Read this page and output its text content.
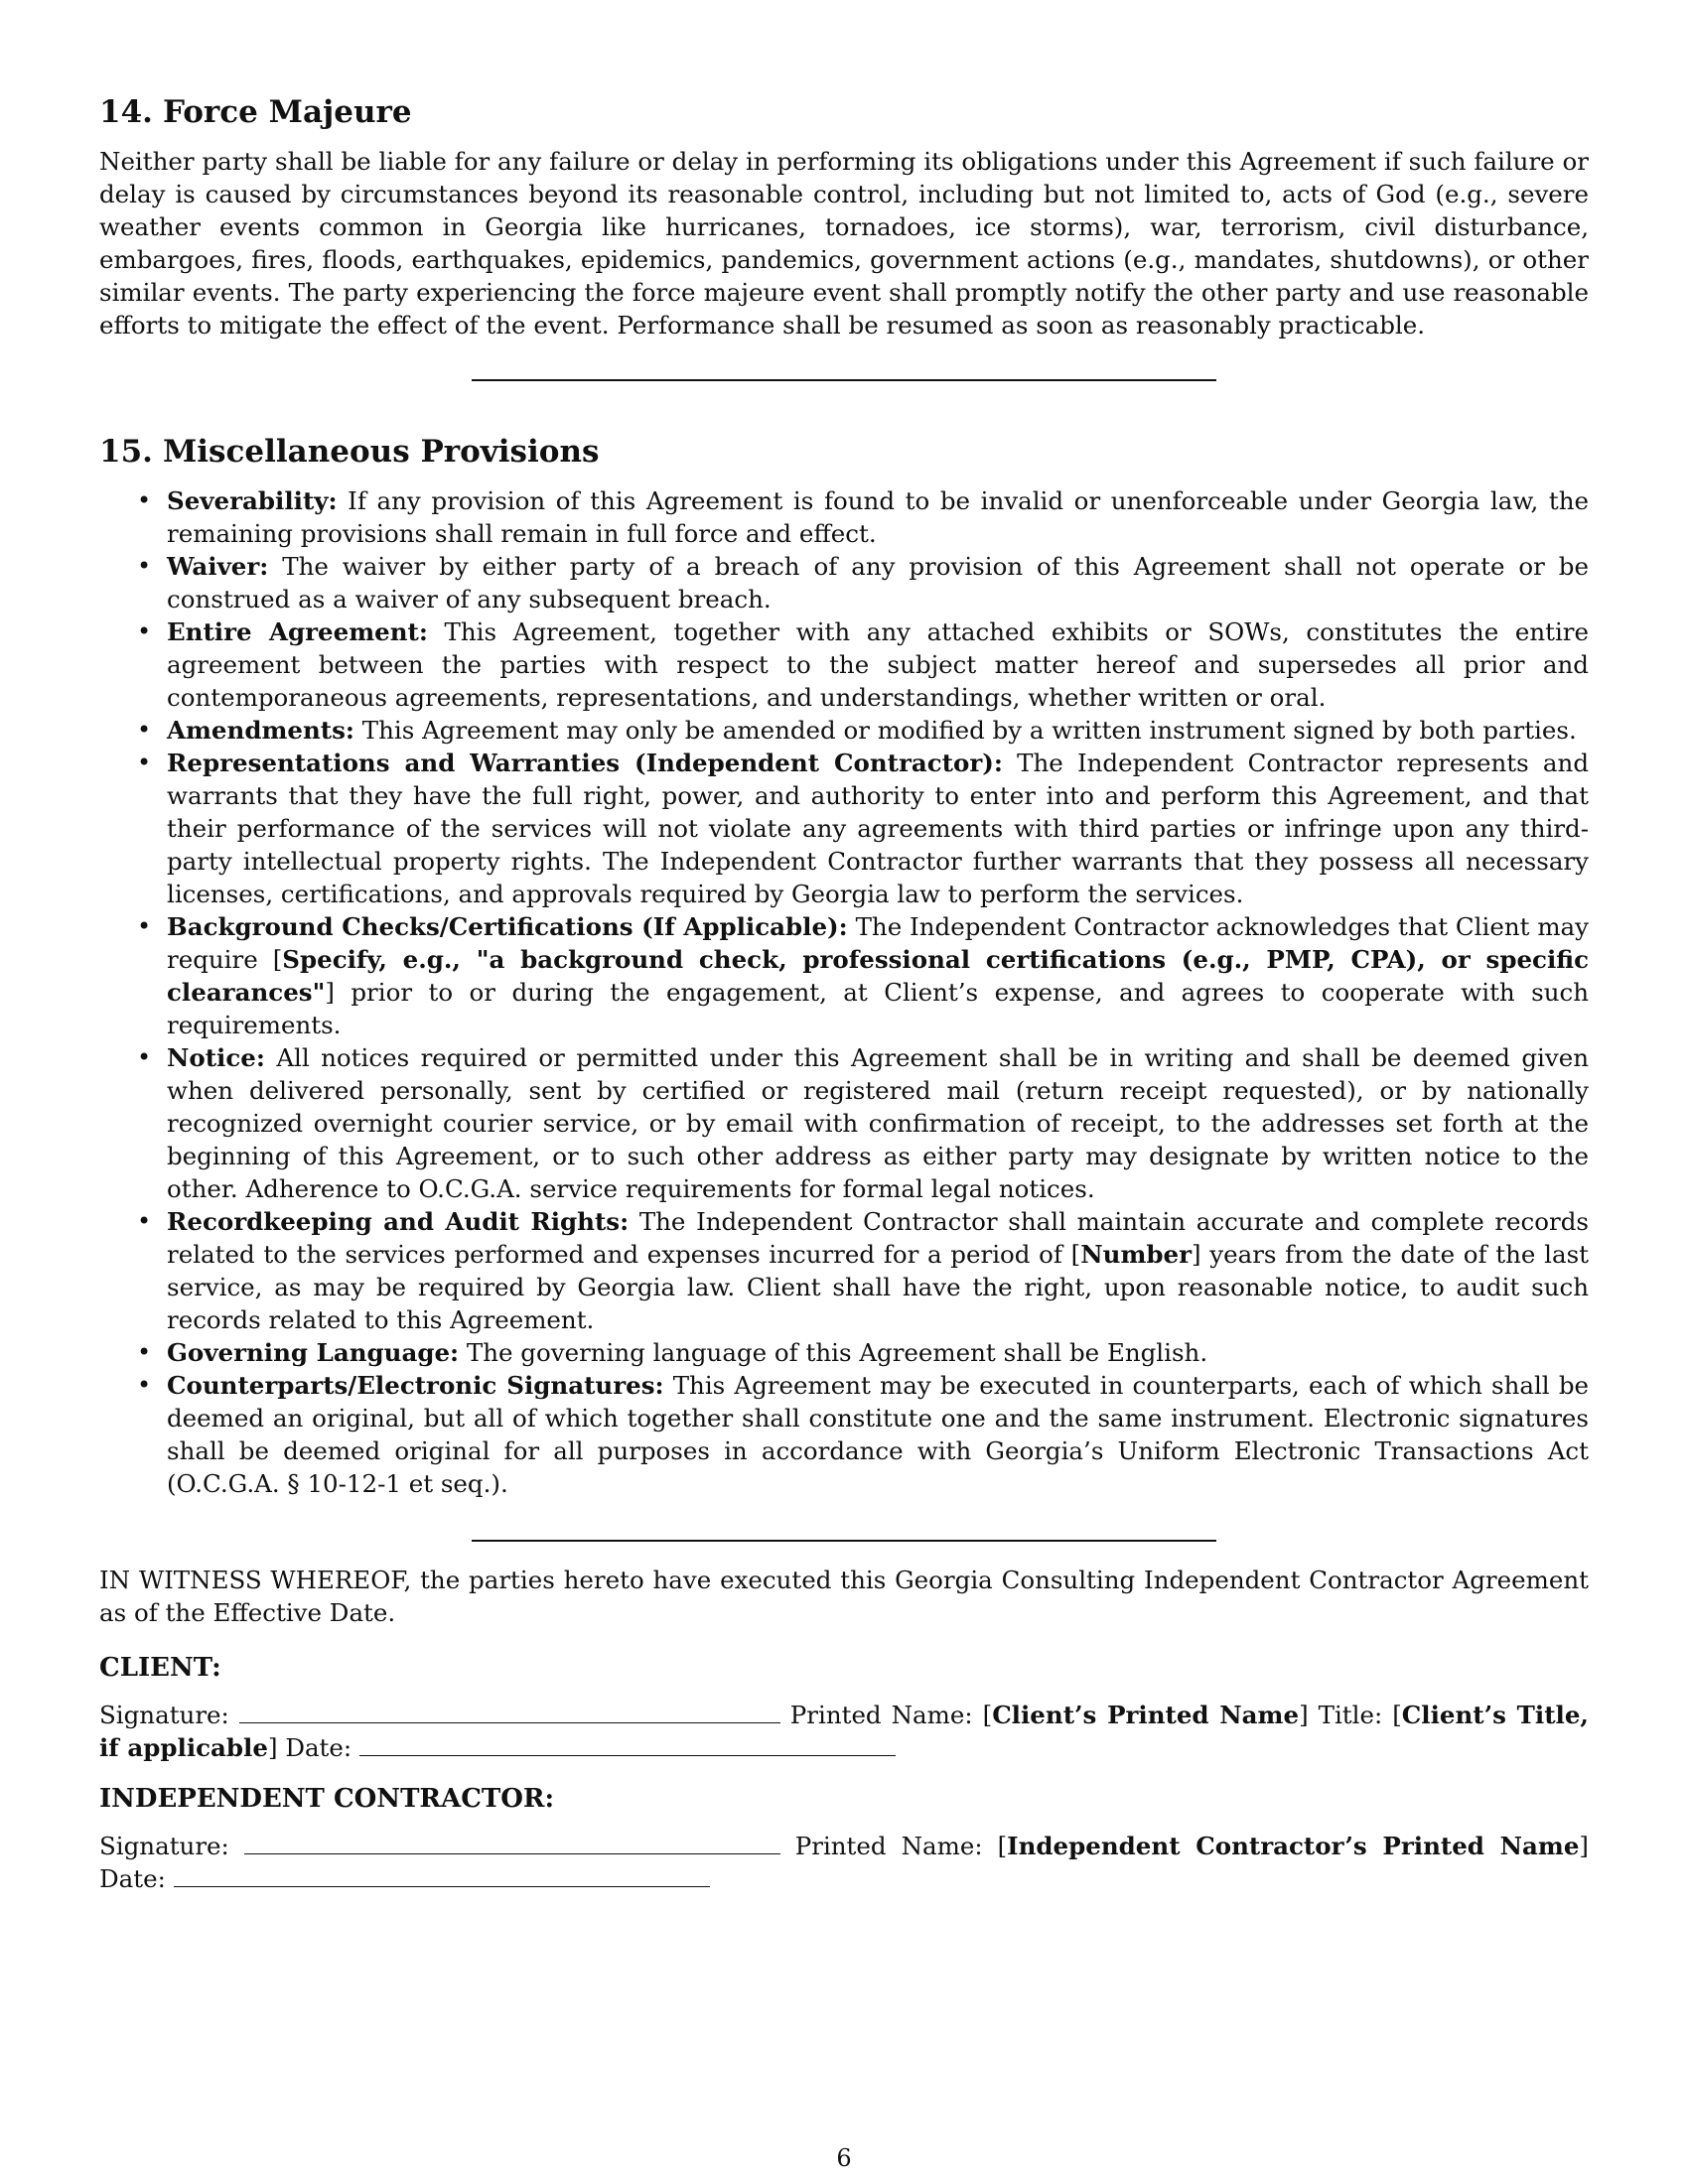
14. Force Majeure

Neither party shall be liable for any failure or delay in performing its obligations under this Agreement if such failure or delay is caused by circumstances beyond its reasonable control, including but not limited to, acts of God (e.g., severe weather events common in Georgia like hurricanes, tornadoes, ice storms), war, terrorism, civil disturbance, embargoes, fires, floods, earthquakes, epidemics, pandemics, government actions (e.g., mandates, shutdowns), or other similar events. The party experiencing the force majeure event shall promptly notify the other party and use reasonable efforts to mitigate the effect of the event. Performance shall be resumed as soon as reasonably practicable.

15. Miscellaneous Provisions
• Severability: If any provision of this Agreement is found to be invalid or unenforceable under Georgia law, the remaining provisions shall remain in full force and effect.
• Waiver: The waiver by either party of a breach of any provision of this Agreement shall not operate or be construed as a waiver of any subsequent breach.
• Entire Agreement: This Agreement, together with any attached exhibits or SOWs, constitutes the entire agreement between the parties with respect to the subject matter hereof and supersedes all prior and contemporaneous agreements, representations, and understandings, whether written or oral.
• Amendments: This Agreement may only be amended or modified by a written instrument signed by both parties.
• Representations and Warranties (Independent Contractor): The Independent Contractor represents and warrants that they have the full right, power, and authority to enter into and perform this Agreement, and that their performance of the services will not violate any agreements with third parties or infringe upon any third-party intellectual property rights. The Independent Contractor further warrants that they possess all necessary licenses, certifications, and approvals required by Georgia law to perform the services.
• Background Checks/Certifications (If Applicable): The Independent Contractor acknowledges that Client may require [Specify, e.g., "a background check, professional certifications (e.g., PMP, CPA), or specific clearances"] prior to or during the engagement, at Client’s expense, and agrees to cooperate with such requirements.
• Notice: All notices required or permitted under this Agreement shall be in writing and shall be deemed given when delivered personally, sent by certified or registered mail (return receipt requested), or by nationally recognized overnight courier service, or by email with confirmation of receipt, to the addresses set forth at the beginning of this Agreement, or to such other address as either party may designate by written notice to the other. Adherence to O.C.G.A. service requirements for formal legal notices.
• Recordkeeping and Audit Rights: The Independent Contractor shall maintain accurate and complete records related to the services performed and expenses incurred for a period of [Number] years from the date of the last service, as may be required by Georgia law. Client shall have the right, upon reasonable notice, to audit such records related to this Agreement.
• Governing Language: The governing language of this Agreement shall be English.
• Counterparts/Electronic Signatures: This Agreement may be executed in counterparts, each of which shall be deemed an original, but all of which together shall constitute one and the same instrument. Electronic signatures shall be deemed original for all purposes in accordance with Georgia’s Uniform Electronic Transactions Act (O.C.G.A. § 10-12-1 et seq.).

IN WITNESS WHEREOF, the parties hereto have executed this Georgia Consulting Independent Contractor Agreement as of the Effective Date.

CLIENT:
Signature:	Printed Name: [Client’s Printed Name] Title: [Client’s Title, if applicable] Date:
INDEPENDENT CONTRACTOR:
Signature:	Printed Name: [Independent Contractor’s Printed Name] Date:
6
